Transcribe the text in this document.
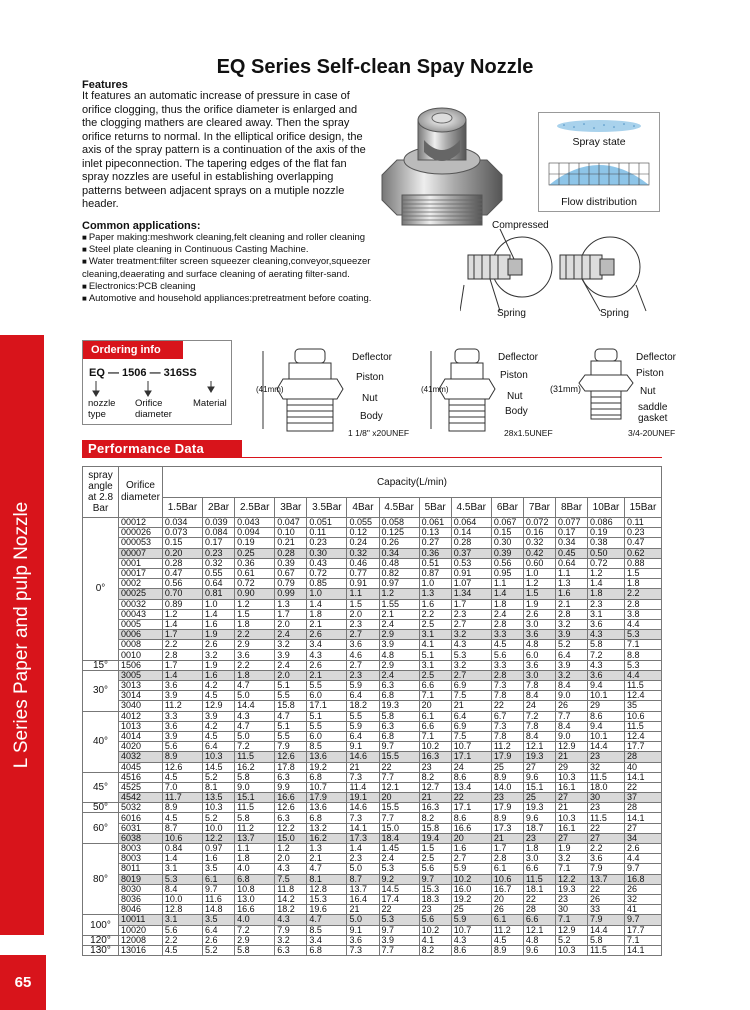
L Series Paper and pulp Nozzle
65
EQ Series Self-clean Spay Nozzle
Features
It features an automatic increase of pressure in case of orifice clogging, thus the orifice diameter is enlarged and the clogging mathers are cleared away. Then the spray orifice returns to normal. In the elliptical orifice design, the axis of the spray pattern is a continuation of the axis of the inlet pipeconnection. The tapering edges of the flat fan spray nozzles are useful in establishing overlapping patterns between adjacent sprays on a mutiple nozzle header.
Spray state
Flow distribution
Compressed
Spring	Spring
Ordering info
EQ — 1506 — 316SS
nozzle type
Orifice diameter
Material
(41mm)
Deflector
Piston
Nut
Body
1 1/8" x20UNEF
(41mm)
Deflector
Piston
Nut
Body
28x1.5UNEF
(31mm)
Deflector
Piston
Nut
saddle gasket
3/4-20UNEF
Common applications:
■ Paper making:meshwork cleaning,felt cleaning and roller cleaning
■ Steel plate cleaning in Continuous Casting Machine.
■ Water treatment:filter screen squeezer cleaning,conveyor,squeezer cleaning,deaerating and surface cleaning of aerating filter-sand.
■ Electronics:PCB cleaning
■ Automotive and household appliances:pretreatment before coating.
Performance Data
spray angle at 2.8 Bar	Orifice diameter	Capacity(L/min)													
		1.5Bar	2Bar	2.5Bar	3Bar	3.5Bar	4Bar	4.5Bar	5Bar	4.5Bar	6Bar	7Bar	8Bar	10Bar	15Bar
0°	00012	0.034	0.039	0.043	0.047	0.051	0.055	0.058	0.061	0.064	0.067	0.072	0.077	0.086	0.11
	000026	0.073	0.084	0.094	0.10	0.11	0.12	0.125	0.13	0.14	0.15	0.16	0.17	0.19	0.23
	000053	0.15	0.17	0.19	0.21	0.23	0.24	0.26	0.27	0.28	0.30	0.32	0.34	0.38	0.47
	00007	0.20	0.23	0.25	0.28	0.30	0.32	0.34	0.36	0.37	0.39	0.42	0.45	0.50	0.62
	0001	0.28	0.32	0.36	0.39	0.43	0.46	0.48	0.51	0.53	0.56	0.60	0.64	0.72	0.88
	00017	0.47	0.55	0.61	0.67	0.72	0.77	0.82	0.87	0.91	0.95	1.0	1.1	1.2	1.5
	0002	0.56	0.64	0.72	0.79	0.85	0.91	0.97	1.0	1.07	1.1	1.2	1.3	1.4	1.8
	00025	0.70	0.81	0.90	0.99	1.0	1.1	1.2	1.3	1.34	1.4	1.5	1.6	1.8	2.2
	00032	0.89	1.0	1.2	1.3	1.4	1.5	1.55	1.6	1.7	1.8	1.9	2.1	2.3	2.8
	00043	1.2	1.4	1.5	1.7	1.8	2.0	2.1	2.2	2.3	2.4	2.6	2.8	3.1	3.8
	0005	1.4	1.6	1.8	2.0	2.1	2.3	2.4	2.5	2.7	2.8	3.0	3.2	3.6	4.4
	0006	1.7	1.9	2.2	2.4	2.6	2.7	2.9	3.1	3.2	3.3	3.6	3.9	4.3	5.3
	0008	2.2	2.6	2.9	3.2	3.4	3.6	3.9	4.1	4.3	4.5	4.8	5.2	5.8	7.1
	0010	2.8	3.2	3.6	3.9	4.3	4.6	4.8	5.1	5.3	5.6	6.0	6.4	7.2	8.8
15°	1506	1.7	1.9	2.2	2.4	2.6	2.7	2.9	3.1	3.2	3.3	3.6	3.9	4.3	5.3
30°	3005	1.4	1.6	1.8	2.0	2.1	2.3	2.4	2.5	2.7	2.8	3.0	3.2	3.6	4.4
	3013	3.6	4.2	4.7	5.1	5.5	5.9	6.3	6.6	6.9	7.3	7.8	8.4	9.4	11.5
	3014	3.9	4.5	5.0	5.5	6.0	6.4	6.8	7.1	7.5	7.8	8.4	9.0	10.1	12.4
	3040	11.2	12.9	14.4	15.8	17.1	18.2	19.3	20	21	22	24	26	29	35
40°	4012	3.3	3.9	4.3	4.7	5.1	5.5	5.8	6.1	6.4	6.7	7.2	7.7	8.6	10.6
	1013	3.6	4.2	4.7	5.1	5.5	5.9	6.3	6.6	6.9	7.3	7.8	8.4	9.4	11.5
	4014	3.9	4.5	5.0	5.5	6.0	6.4	6.8	7.1	7.5	7.8	8.4	9.0	10.1	12.4
	4020	5.6	6.4	7.2	7.9	8.5	9.1	9.7	10.2	10.7	11.2	12.1	12.9	14.4	17.7
	4032	8.9	10.3	11.5	12.6	13.6	14.6	15.5	16.3	17.1	17.9	19.3	21	23	28
	4045	12.6	14.5	16.2	17.8	19.2	21	22	23	24	25	27	29	32	40
45°	4516	4.5	5.2	5.8	6.3	6.8	7.3	7.7	8.2	8.6	8.9	9.6	10.3	11.5	14.1
	4525	7.0	8.1	9.0	9.9	10.7	11.4	12.1	12.7	13.4	14.0	15.1	16.1	18.0	22
	4542	11.7	13.5	15.1	16.6	17.9	19.1	20	21	22	23	25	27	30	37
50°	5032	8.9	10.3	11.5	12.6	13.6	14.6	15.5	16.3	17.1	17.9	19.3	21	23	28
60°	6016	4.5	5.2	5.8	6.3	6.8	7.3	7.7	8.2	8.6	8.9	9.6	10.3	11.5	14.1
	6031	8.7	10.0	11.2	12.2	13.2	14.1	15.0	15.8	16.6	17.3	18.7	16.1	22	27
	6038	10.6	12.2	13.7	15.0	16.2	17.3	18.4	19.4	20	21	23	27	27	34
80°	8003	0.84	0.97	1.1	1.2	1.3	1.4	1.45	1.5	1.6	1.7	1.8	1.9	2.2	2.6
	8003	1.4	1.6	1.8	2.0	2.1	2.3	2.4	2.5	2.7	2.8	3.0	3.2	3.6	4.4
	8011	3.1	3.5	4.0	4.3	4.7	5.0	5.3	5.6	5.9	6.1	6.6	7.1	7.9	9.7
	8019	5.3	6.1	6.8	7.5	8.1	8.7	9.2	9.7	10.2	10.6	11.5	12.2	13.7	16.8
	8030	8.4	9.7	10.8	11.8	12.8	13.7	14.5	15.3	16.0	16.7	18.1	19.3	22	26
	8036	10.0	11.6	13.0	14.2	15.3	16.4	17.4	18.3	19.2	20	22	23	26	32
	8046	12.8	14.8	16.6	18.2	19.6	21	22	23	25	26	28	30	33	41
100°	10011	3.1	3.5	4.0	4.3	4.7	5.0	5.3	5.6	5.9	6.1	6.6	7.1	7.9	9.7
	10020	5.6	6.4	7.2	7.9	8.5	9.1	9.7	10.2	10.7	11.2	12.1	12.9	14.4	17.7
120°	12008	2.2	2.6	2.9	3.2	3.4	3.6	3.9	4.1	4.3	4.5	4.8	5.2	5.8	7.1
130°	13016	4.5	5.2	5.8	6.3	6.8	7.3	7.7	8.2	8.6	8.9	9.6	10.3	11.5	14.1
